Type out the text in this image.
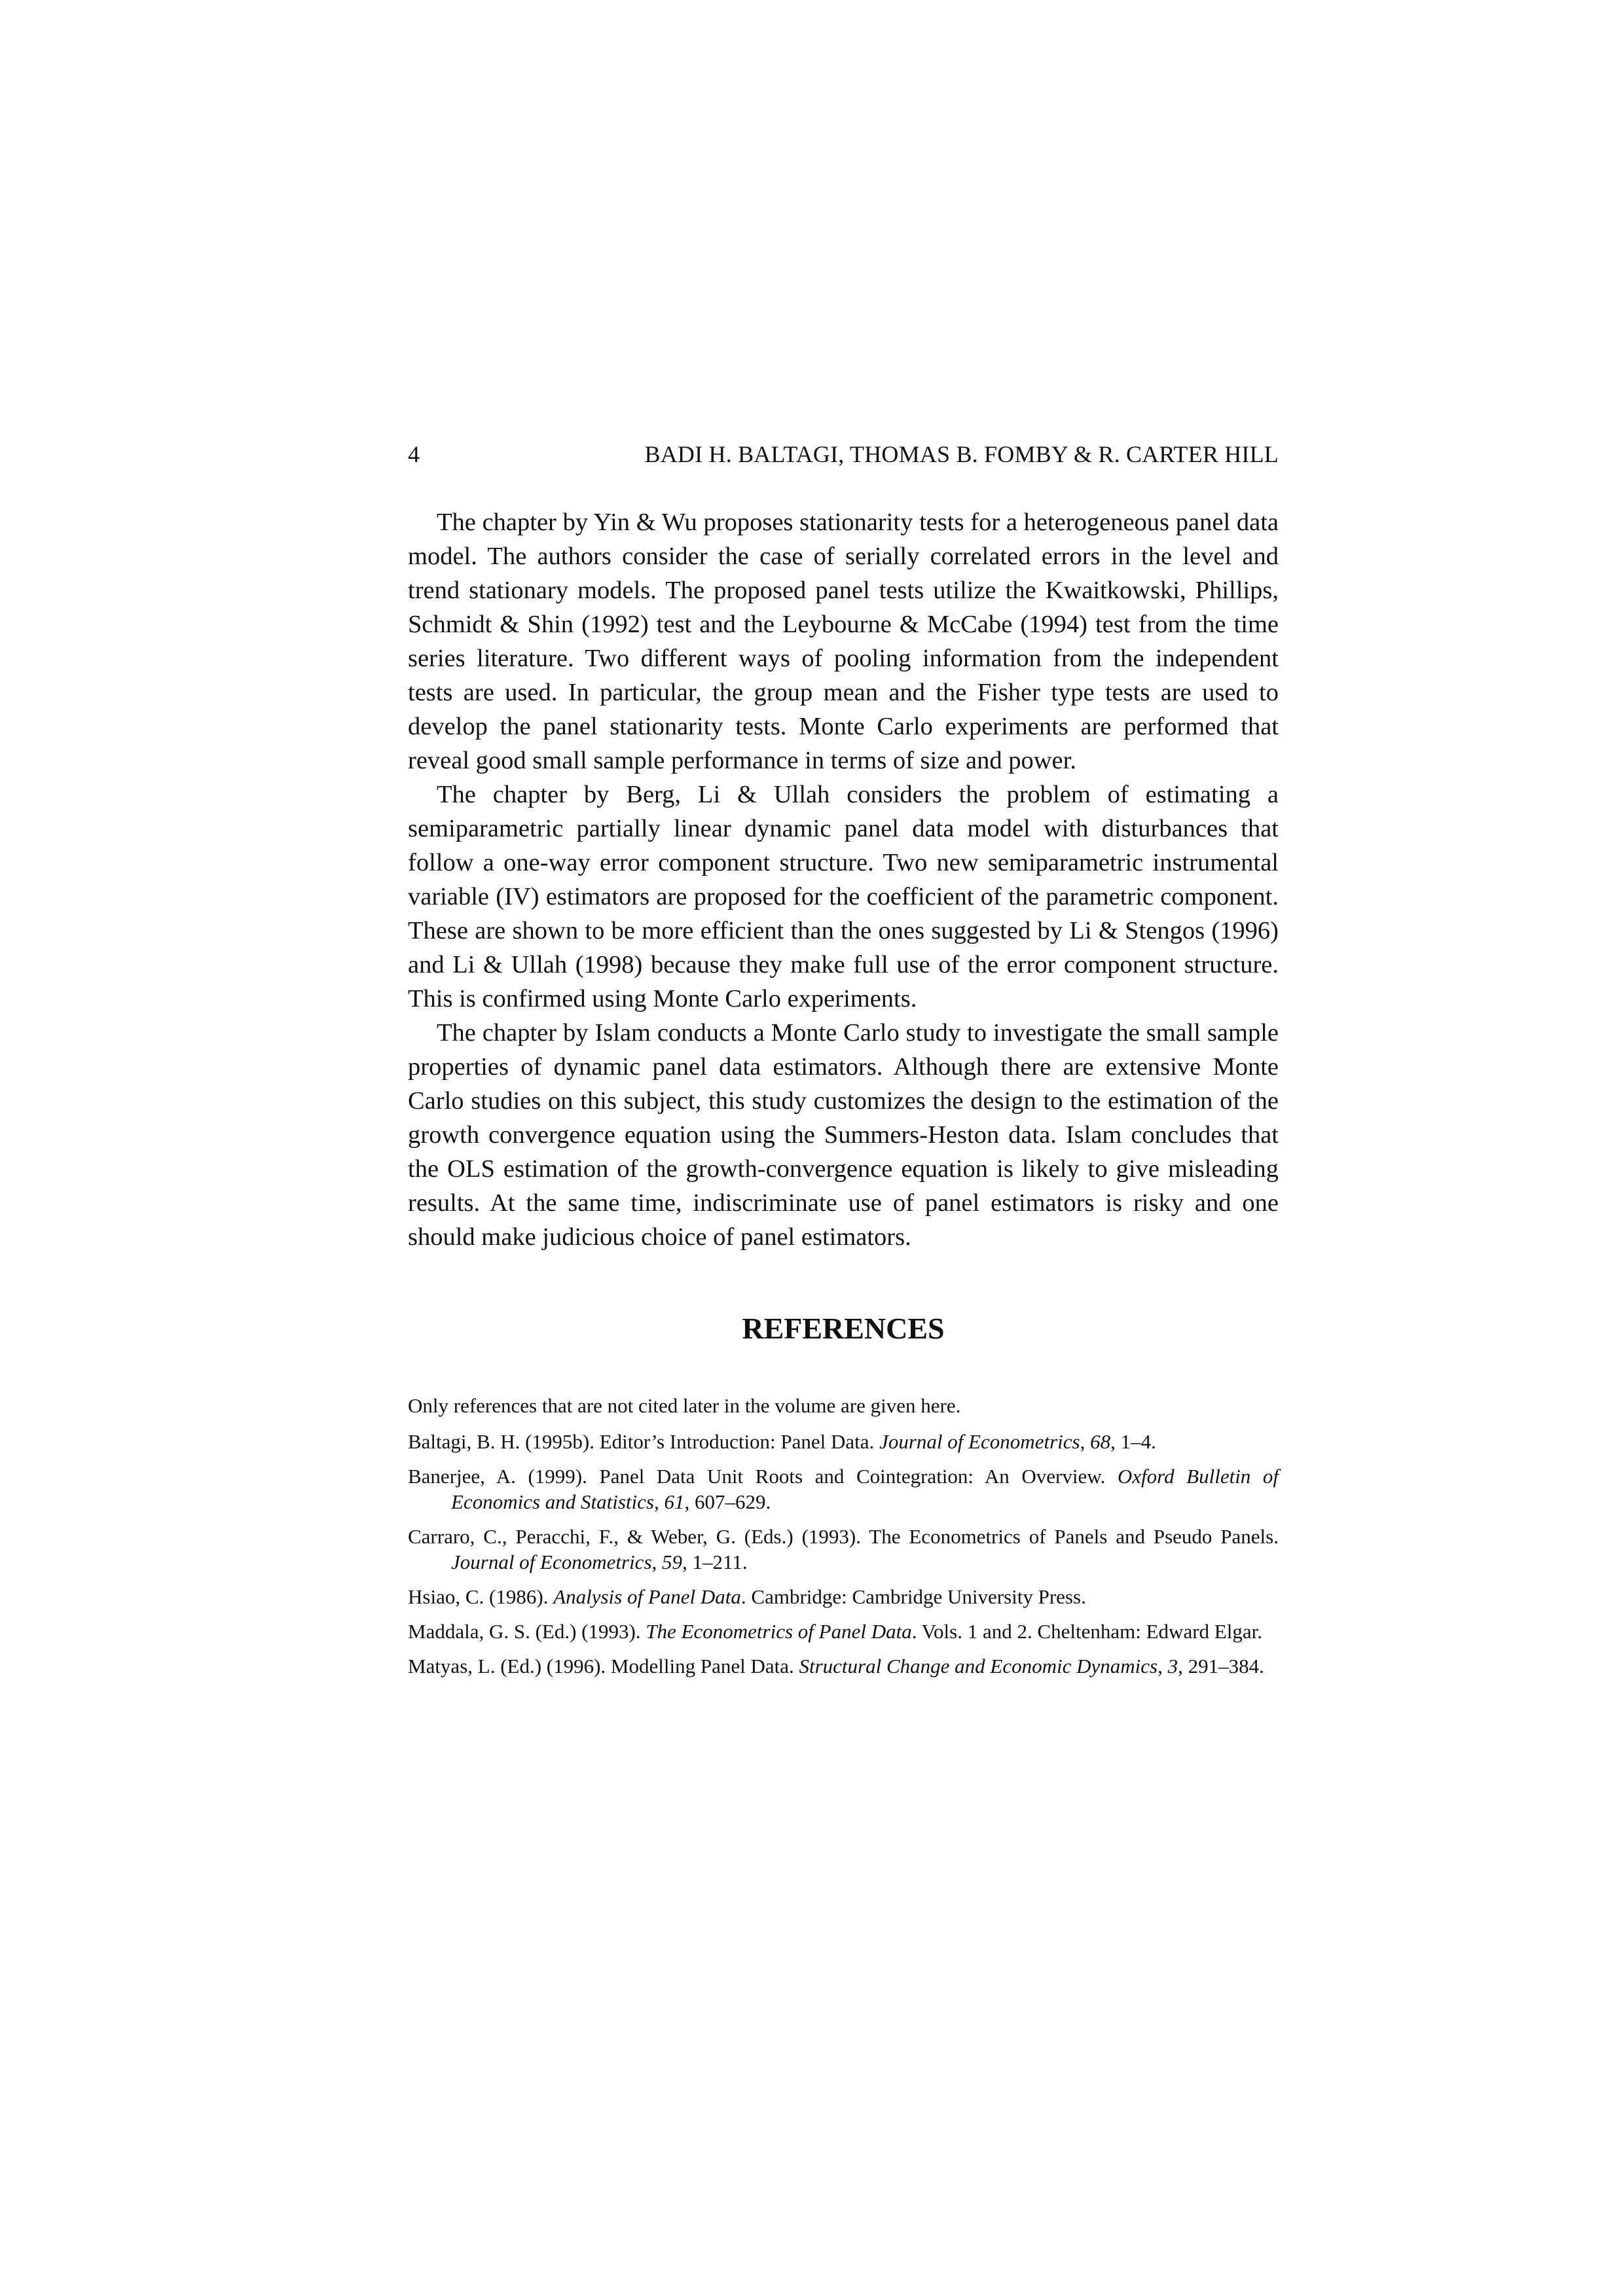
4	BADI H. BALTAGI, THOMAS B. FOMBY & R. CARTER HILL

The chapter by Yin & Wu proposes stationarity tests for a heterogeneous panel data model. The authors consider the case of serially correlated errors in the level and trend stationary models. The proposed panel tests utilize the Kwaitkowski, Phillips, Schmidt & Shin (1992) test and the Leybourne & McCabe (1994) test from the time series literature. Two different ways of pooling information from the independent tests are used. In particular, the group mean and the Fisher type tests are used to develop the panel stationarity tests. Monte Carlo experiments are performed that reveal good small sample performance in terms of size and power.

The chapter by Berg, Li & Ullah considers the problem of estimating a semiparametric partially linear dynamic panel data model with disturbances that follow a one-way error component structure. Two new semiparametric instrumental variable (IV) estimators are proposed for the coefficient of the parametric component. These are shown to be more efficient than the ones suggested by Li & Stengos (1996) and Li & Ullah (1998) because they make full use of the error component structure. This is confirmed using Monte Carlo experiments.

The chapter by Islam conducts a Monte Carlo study to investigate the small sample properties of dynamic panel data estimators. Although there are extensive Monte Carlo studies on this subject, this study customizes the design to the estimation of the growth convergence equation using the Summers-Heston data. Islam concludes that the OLS estimation of the growth-convergence equation is likely to give misleading results. At the same time, indiscriminate use of panel estimators is risky and one should make judicious choice of panel estimators.

REFERENCES
Only references that are not cited later in the volume are given here.
Baltagi, B. H. (1995b). Editor’s Introduction: Panel Data. Journal of Econometrics, 68, 1–4.
Banerjee, A. (1999). Panel Data Unit Roots and Cointegration: An Overview. Oxford Bulletin of Economics and Statistics, 61, 607–629.
Carraro, C., Peracchi, F., & Weber, G. (Eds.) (1993). The Econometrics of Panels and Pseudo Panels. Journal of Econometrics, 59, 1–211.
Hsiao, C. (1986). Analysis of Panel Data. Cambridge: Cambridge University Press.
Maddala, G. S. (Ed.) (1993). The Econometrics of Panel Data. Vols. 1 and 2. Cheltenham: Edward Elgar.
Matyas, L. (Ed.) (1996). Modelling Panel Data. Structural Change and Economic Dynamics, 3, 291–384.
